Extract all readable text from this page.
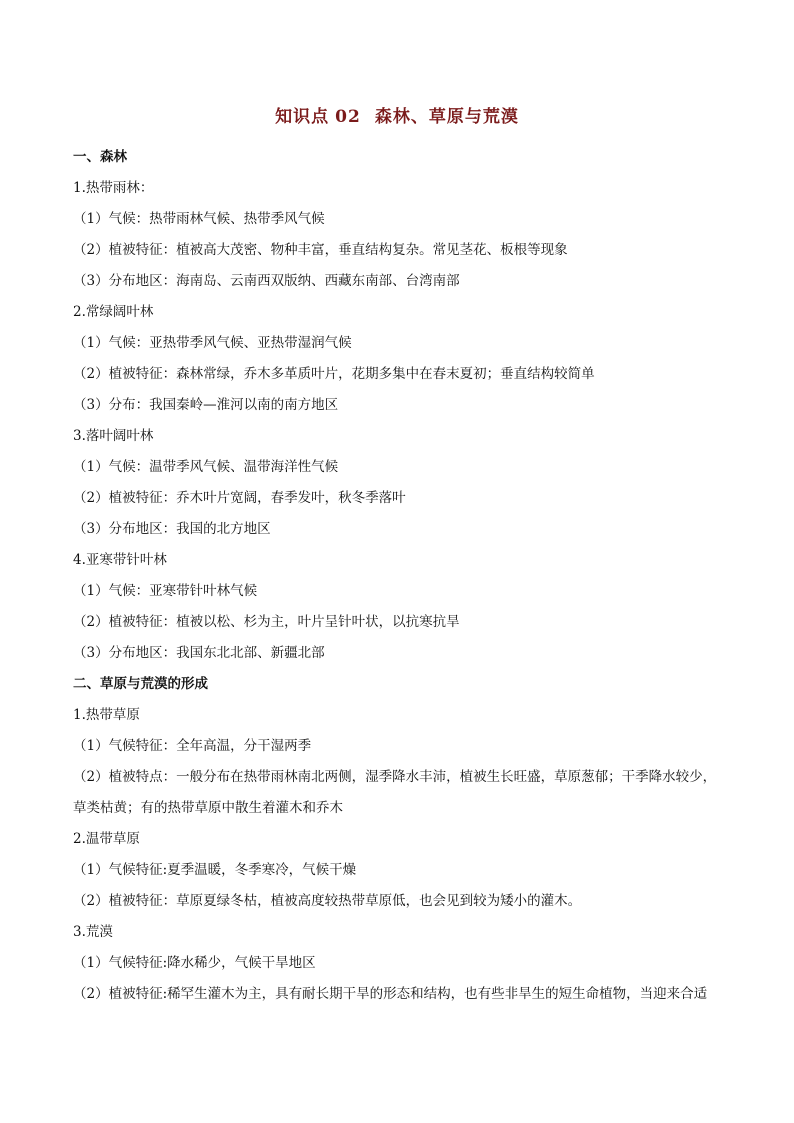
知识点 02 森林、草原与荒漠
一、森林
1.热带雨林：
（1）气候：热带雨林气候、热带季风气候
（2）植被特征：植被高大茂密、物种丰富，垂直结构复杂。常见茎花、板根等现象
（3）分布地区：海南岛、云南西双版纳、西藏东南部、台湾南部
2.常绿阔叶林
（1）气候：亚热带季风气候、亚热带湿润气候
（2）植被特征：森林常绿，乔木多革质叶片，花期多集中在春末夏初；垂直结构较简单
（3）分布：我国秦岭—淮河以南的南方地区
3.落叶阔叶林
（1）气候：温带季风气候、温带海洋性气候
（2）植被特征：乔木叶片宽阔，春季发叶，秋冬季落叶
（3）分布地区：我国的北方地区
4.亚寒带针叶林
（1）气候：亚寒带针叶林气候
（2）植被特征：植被以松、杉为主，叶片呈针叶状，以抗寒抗旱
（3）分布地区：我国东北北部、新疆北部
二、草原与荒漠的形成
1.热带草原
（1）气候特征：全年高温，分干湿两季
（2）植被特点：一般分布在热带雨林南北两侧，湿季降水丰沛，植被生长旺盛，草原葱郁；干季降水较少，
草类枯黄；有的热带草原中散生着灌木和乔木
2.温带草原
（1）气候特征:夏季温暖，冬季寒冷，气候干燥
（2）植被特征：草原夏绿冬枯，植被高度较热带草原低，也会见到较为矮小的灌木。
3.荒漠
（1）气候特征:降水稀少，气候干旱地区
（2）植被特征:稀罕生灌木为主，具有耐长期干旱的形态和结构，也有些非旱生的短生命植物，当迎来合适
